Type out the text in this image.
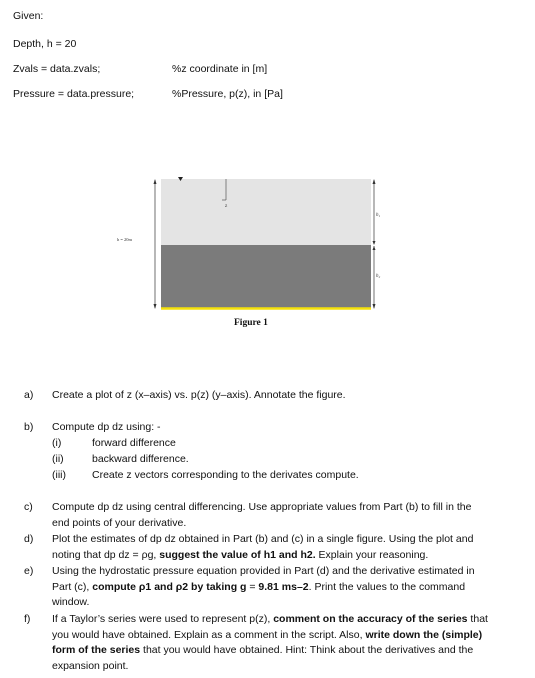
Given:
Depth, h = 20
Zvals = data.zvals;	%z coordinate in [m]
Pressure = data.pressure;	%Pressure, p(z), in [Pa]
z
h₁
h₂
h = 20m
Figure 1
a)	Create a plot of z (x–axis) vs. p(z) (y–axis). Annotate the figure.
b)	Compute dp dz using: -
(i)	forward difference
(ii)	backward difference.
(iii)	Create z vectors corresponding to the derivates compute.
c)	Compute dp dz using central differencing. Use appropriate values from Part (b) to fill in the
end points of your derivative.
d)	Plot the estimates of dp dz obtained in Part (b) and (c) in a single figure. Using the plot and
noting that dp dz = ρg, suggest the value of h1 and h2. Explain your reasoning.
e)	Using the hydrostatic pressure equation provided in Part (d) and the derivative estimated in
Part (c), compute ρ1 and ρ2 by taking g = 9.81 ms–2. Print the values to the command
window.
f)	If a Taylor’s series were used to represent p(z), comment on the accuracy of the series that
you would have obtained. Explain as a comment in the script. Also, write down the (simple)
form of the series that you would have obtained. Hint: Think about the derivatives and the
expansion point.
